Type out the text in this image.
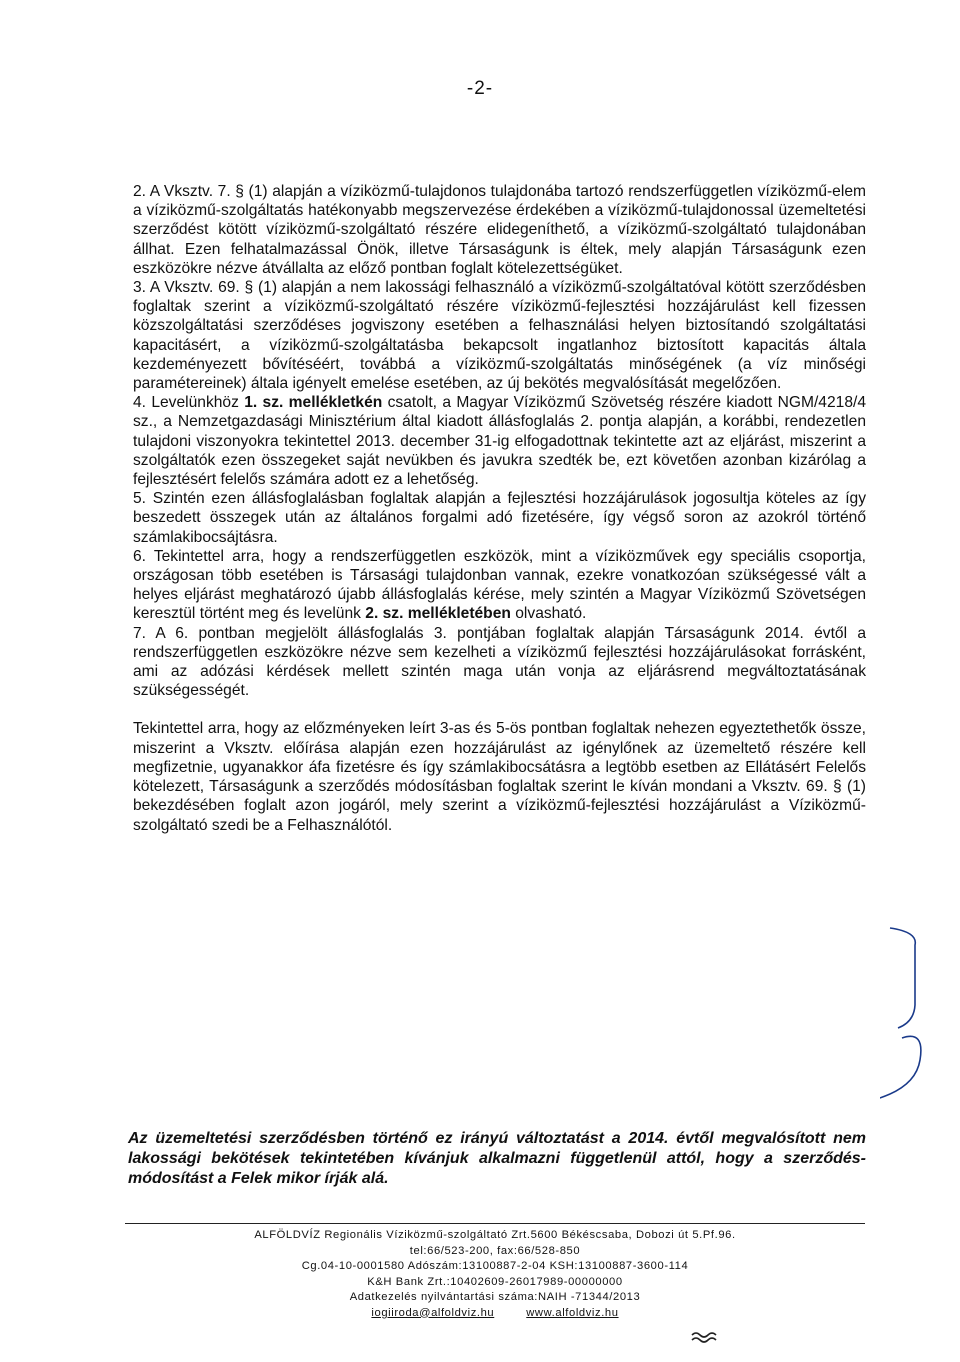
-2-

2. A Vksztv. 7. § (1) alapján a víziközmű-tulajdonos tulajdonába tartozó rendszerfüggetlen víziközmű-elem a víziközmű-szolgáltatás hatékonyabb megszervezése érdekében a víziközmű-tulajdonossal üzemeltetési szerződést kötött víziközmű-szolgáltató részére elidegeníthető, a víziközmű-szolgáltató tulajdonában állhat. Ezen felhatalmazással Önök, illetve Társaságunk is éltek, mely alapján Társaságunk ezen eszközökre nézve átvállalta az előző pontban foglalt kötelezettségüket.

3. A Vksztv. 69. § (1) alapján a nem lakossági felhasználó a víziközmű-szolgáltatóval kötött szerződésben foglaltak szerint a víziközmű-szolgáltató részére víziközmű-fejlesztési hozzájárulást kell fizessen közszolgáltatási szerződéses jogviszony esetében a felhasználási helyen biztosítandó szolgáltatási kapacitásért, a víziközmű-szolgáltatásba bekapcsolt ingatlanhoz biztosított kapacitás általa kezdeményezett bővítéséért, továbbá a víziközmű-szolgáltatás minőségének (a víz minőségi paramétereinek) általa igényelt emelése esetében, az új bekötés megvalósítását megelőzően.

4. Levelünkhöz 1. sz. mellékletkén csatolt, a Magyar Víziközmű Szövetség részére kiadott NGM/4218/4 sz., a Nemzetgazdasági Minisztérium által kiadott állásfoglalás 2. pontja alapján, a korábbi, rendezetlen tulajdoni viszonyokra tekintettel 2013. december 31-ig elfogadottnak tekintette azt az eljárást, miszerint a szolgáltatók ezen összegeket saját nevükben és javukra szedték be, ezt követően azonban kizárólag a fejlesztésért felelős számára adott ez a lehetőség.

5. Szintén ezen állásfoglalásban foglaltak alapján a fejlesztési hozzájárulások jogosultja köteles az így beszedett összegek után az általános forgalmi adó fizetésére, így végső soron az azokról történő számlakibocsájtásra.

6. Tekintettel arra, hogy a rendszerfüggetlen eszközök, mint a víziközművek egy speciális csoportja, országosan több esetében is Társasági tulajdonban vannak, ezekre vonatkozóan szükségessé vált a helyes eljárást meghatározó újabb állásfoglalás kérése, mely szintén a Magyar Víziközmű Szövetségen keresztül történt meg és levelünk 2. sz. mellékletében olvasható.

7. A 6. pontban megjelölt állásfoglalás 3. pontjában foglaltak alapján Társaságunk 2014. évtől a rendszerfüggetlen eszközökre nézve sem kezelheti a víziközmű fejlesztési hozzájárulásokat forrásként, ami az adózási kérdések mellett szintén maga után vonja az eljárásrend megváltoztatásának szükségességét.

Tekintettel arra, hogy az előzményeken leírt 3-as és 5-ös pontban foglaltak nehezen egyeztethetők össze, miszerint a Vksztv. előírása alapján ezen hozzájárulást az igénylőnek az üzemeltető részére kell megfizetnie, ugyanakkor áfa fizetésre és így számlakibocsátásra a legtöbb esetben az Ellátásért Felelős kötelezett, Társaságunk a szerződés módosításban foglaltak szerint le kíván mondani a Vksztv. 69. § (1) bekezdésében foglalt azon jogáról, mely szerint a víziközmű-fejlesztési hozzájárulást a Víziközmű-szolgáltató szedi be a Felhasználótól.

Az üzemeltetési szerződésben történő ez irányú változtatást a 2014. évtől megvalósított nem lakossági bekötések tekintetében kívánjuk alkalmazni függetlenül attól, hogy a szerződés-módosítást a Felek mikor írják alá.
ALFÖLDVÍZ Regionális Víziközmű-szolgáltató Zrt.5600 Békéscsaba, Dobozi út 5.Pf.96.
tel:66/523-200, fax:66/528-850
Cg.04-10-0001580 Adószám:13100887-2-04 KSH:13100887-3600-114
K&H Bank Zrt.:10402609-26017989-00000000
Adatkezelés nyilvántartási száma:NAIH -71344/2013
iogiiroda@alfoldviz.hu	www.alfoldviz.hu
